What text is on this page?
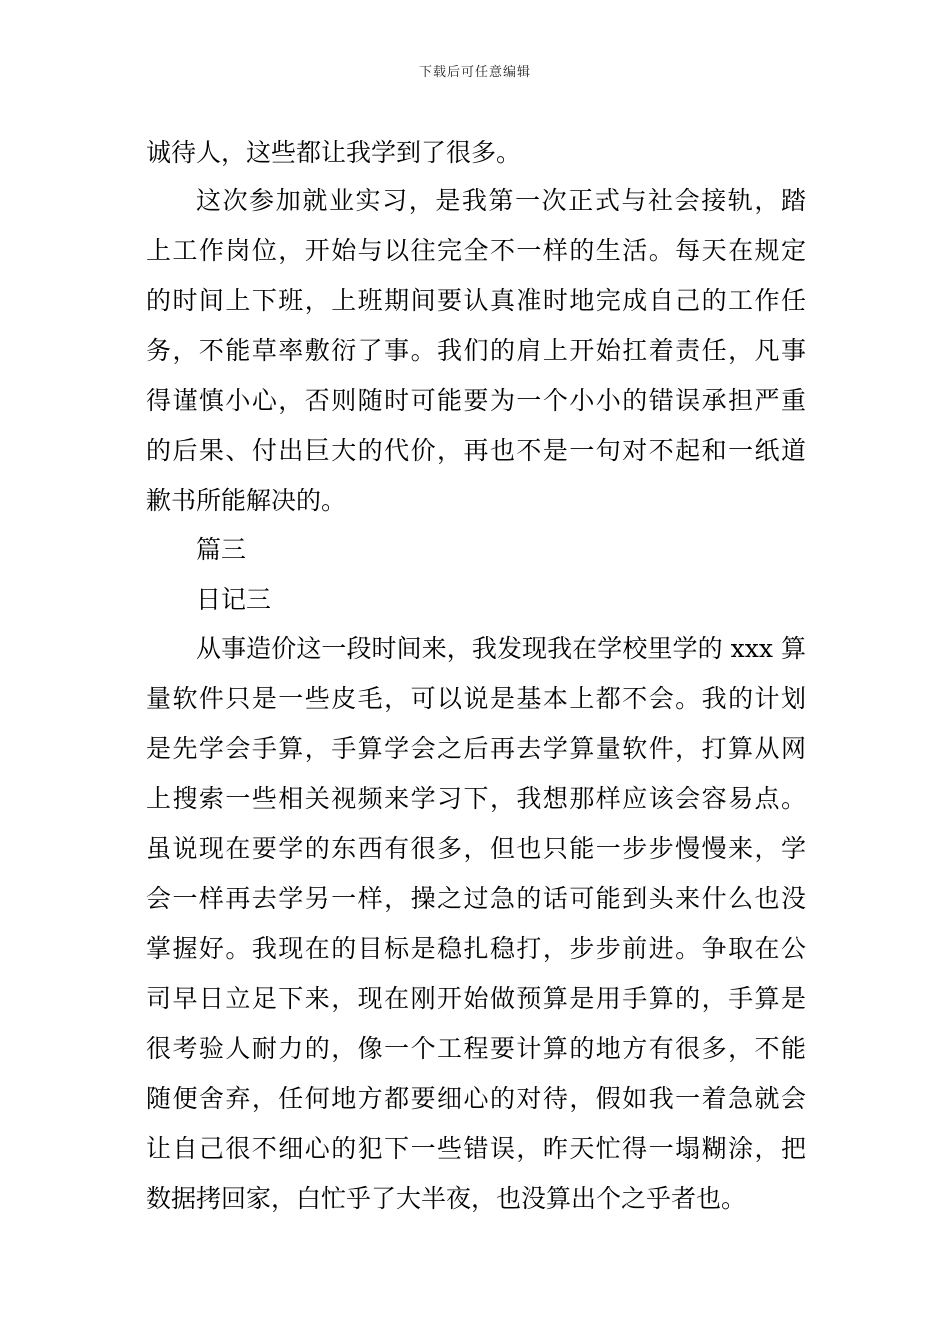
下载后可任意编辑
诚待人，这些都让我学到了很多。
这次参加就业实习，是我第一次正式与社会接轨，踏
上工作岗位，开始与以往完全不一样的生活。每天在规定
的时间上下班，上班期间要认真准时地完成自己的工作任
务，不能草率敷衍了事。我们的肩上开始扛着责任，凡事
得谨慎小心，否则随时可能要为一个小小的错误承担严重
的后果、付出巨大的代价，再也不是一句对不起和一纸道
歉书所能解决的。
篇三
日记三
从事造价这一段时间来，我发现我在学校里学的 xxx 算
量软件只是一些皮毛，可以说是基本上都不会。我的计划
是先学会手算，手算学会之后再去学算量软件，打算从网
上搜索一些相关视频来学习下，我想那样应该会容易点。
虽说现在要学的东西有很多，但也只能一步步慢慢来，学
会一样再去学另一样，操之过急的话可能到头来什么也没
掌握好。我现在的目标是稳扎稳打，步步前进。争取在公
司早日立足下来，现在刚开始做预算是用手算的，手算是
很考验人耐力的，像一个工程要计算的地方有很多，不能
随便舍弃，任何地方都要细心的对待，假如我一着急就会
让自己很不细心的犯下一些错误，昨天忙得一塌糊涂，把
数据拷回家，白忙乎了大半夜，也没算出个之乎者也。
